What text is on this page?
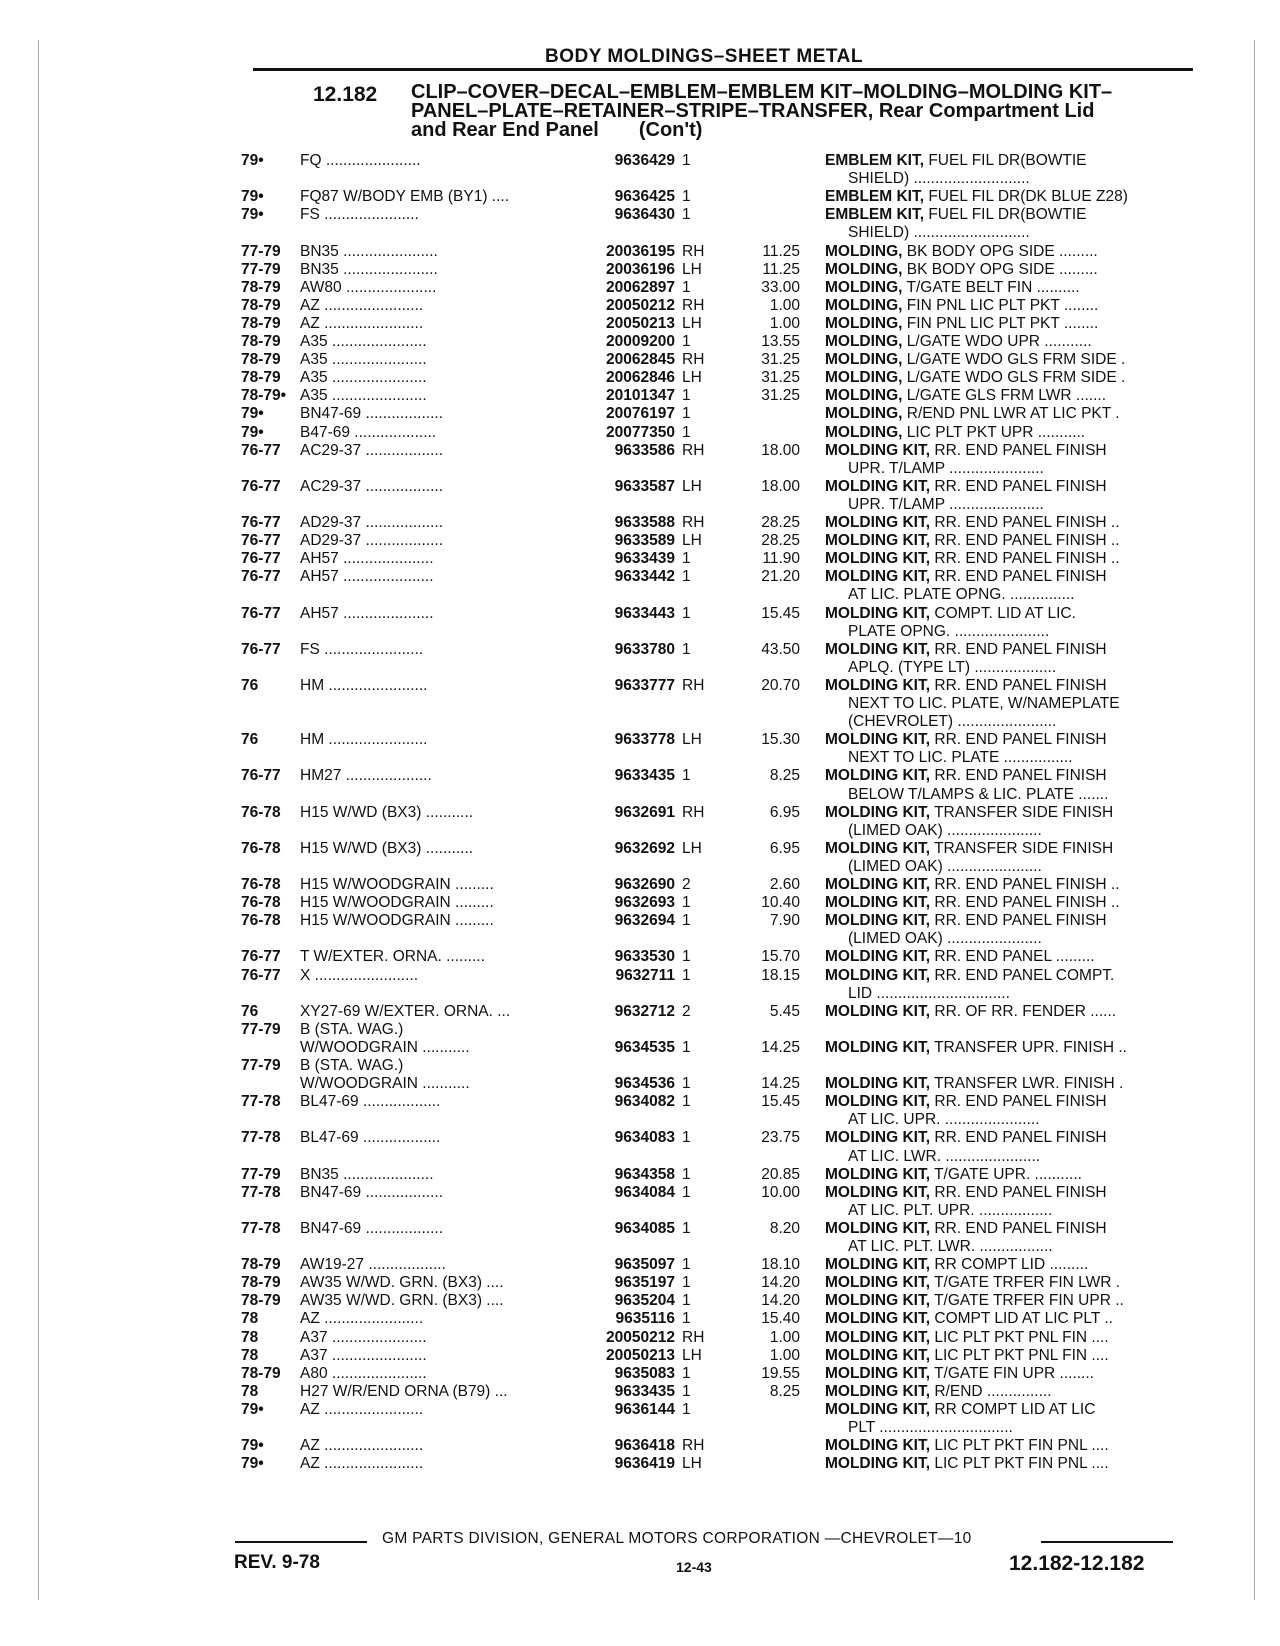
BODY MOLDINGS–SHEET METAL
12.182 CLIP–COVER–DECAL–EMBLEM–EMBLEM KIT–MOLDING–MOLDING KIT–
PANEL–PLATE–RETAINER–STRIPE–TRANSFER, Rear Compartment Lid
and Rear End Panel (Con't)
79•	FQ ......................	9636429 1	EMBLEM KIT, FUEL FIL DR(BOWTIE
SHIELD) ...........................
79•	FQ87 W/BODY EMB (BY1) ....	9636425 1	EMBLEM KIT, FUEL FIL DR(DK BLUE Z28)
79•	FS ......................	9636430 1	EMBLEM KIT, FUEL FIL DR(BOWTIE
SHIELD) ...........................
77-79	BN35 ......................	20036195 RH	11.25 MOLDING, BK BODY OPG SIDE .........
77-79	BN35 ......................	20036196 LH	11.25 MOLDING, BK BODY OPG SIDE .........
78-79	AW80 .....................	20062897 1	33.00 MOLDING, T/GATE BELT FIN ..........
78-79	AZ .......................	20050212 RH	1.00 MOLDING, FIN PNL LIC PLT PKT ........
78-79	AZ .......................	20050213 LH	1.00 MOLDING, FIN PNL LIC PLT PKT ........
78-79	A35 ......................	20009200 1	13.55 MOLDING, L/GATE WDO UPR ...........
78-79	A35 ......................	20062845 RH	31.25 MOLDING, L/GATE WDO GLS FRM SIDE .
78-79	A35 ......................	20062846 LH	31.25 MOLDING, L/GATE WDO GLS FRM SIDE .
78-79• A35 ......................	20101347 1	31.25 MOLDING, L/GATE GLS FRM LWR .......
79•	BN47-69 ..................	20076197 1	MOLDING, R/END PNL LWR AT LIC PKT .
79•	B47-69 ...................	20077350 1	MOLDING, LIC PLT PKT UPR ...........
76-77	AC29-37 ..................	9633586 RH	18.00 MOLDING KIT, RR. END PANEL FINISH
UPR. T/LAMP ......................
76-77	AC29-37 ..................	9633587 LH	18.00 MOLDING KIT, RR. END PANEL FINISH
UPR. T/LAMP ......................
76-77	AD29-37 ..................	9633588 RH	28.25 MOLDING KIT, RR. END PANEL FINISH ..
76-77	AD29-37 ..................	9633589 LH	28.25 MOLDING KIT, RR. END PANEL FINISH ..
76-77	AH57 .....................	9633439 1	11.90 MOLDING KIT, RR. END PANEL FINISH ..
76-77	AH57 .....................	9633442 1	21.20 MOLDING KIT, RR. END PANEL FINISH
AT LIC. PLATE OPNG. ...............
76-77	AH57 .....................	9633443 1	15.45 MOLDING KIT, COMPT. LID AT LIC.
PLATE OPNG. ......................
76-77	FS .......................	9633780 1	43.50 MOLDING KIT, RR. END PANEL FINISH
APLQ. (TYPE LT) ...................
76	HM .......................	9633777 RH	20.70 MOLDING KIT, RR. END PANEL FINISH
NEXT TO LIC. PLATE, W/NAMEPLATE
(CHEVROLET) .......................
76	HM .......................	9633778 LH	15.30 MOLDING KIT, RR. END PANEL FINISH
NEXT TO LIC. PLATE ................
76-77	HM27 ....................	9633435 1	8.25 MOLDING KIT, RR. END PANEL FINISH
BELOW T/LAMPS & LIC. PLATE .......
76-78	H15 W/WD (BX3) ...........	9632691 RH	6.95 MOLDING KIT, TRANSFER SIDE FINISH
(LIMED OAK) ......................
76-78	H15 W/WD (BX3) ...........	9632692 LH	6.95 MOLDING KIT, TRANSFER SIDE FINISH
(LIMED OAK) ......................
76-78	H15 W/WOODGRAIN .........	9632690 2	2.60 MOLDING KIT, RR. END PANEL FINISH ..
76-78	H15 W/WOODGRAIN .........	9632693 1	10.40 MOLDING KIT, RR. END PANEL FINISH ..
76-78	H15 W/WOODGRAIN .........	9632694 1	7.90 MOLDING KIT, RR. END PANEL FINISH
(LIMED OAK) ......................
76-77	T W/EXTER. ORNA. .........	9633530 1	15.70 MOLDING KIT, RR. END PANEL .........
76-77	X ........................	9632711 1	18.15 MOLDING KIT, RR. END PANEL COMPT.
LID ...............................
76	XY27-69 W/EXTER. ORNA. ...	9632712 2	5.45 MOLDING KIT, RR. OF RR. FENDER ......
77-79	B (STA. WAG.)
W/WOODGRAIN ...........	9634535 1	14.25 MOLDING KIT, TRANSFER UPR. FINISH ..
77-79	B (STA. WAG.)
W/WOODGRAIN ...........	9634536 1	14.25 MOLDING KIT, TRANSFER LWR. FINISH .
77-78	BL47-69 ..................	9634082 1	15.45 MOLDING KIT, RR. END PANEL FINISH
AT LIC. UPR. ......................
77-78	BL47-69 ..................	9634083 1	23.75 MOLDING KIT, RR. END PANEL FINISH
AT LIC. LWR. ......................
77-79	BN35 .....................	9634358 1	20.85 MOLDING KIT, T/GATE UPR. ...........
77-78	BN47-69 ..................	9634084 1	10.00 MOLDING KIT, RR. END PANEL FINISH
AT LIC. PLT. UPR. .................
77-78	BN47-69 ..................	9634085 1	8.20 MOLDING KIT, RR. END PANEL FINISH
AT LIC. PLT. LWR. .................
78-79	AW19-27 ..................	9635097 1	18.10 MOLDING KIT, RR COMPT LID .........
78-79	AW35 W/WD. GRN. (BX3) ....	9635197 1	14.20 MOLDING KIT, T/GATE TRFER FIN LWR .
78-79	AW35 W/WD. GRN. (BX3) ....	9635204 1	14.20 MOLDING KIT, T/GATE TRFER FIN UPR ..
78	AZ .......................	9635116 1	15.40 MOLDING KIT, COMPT LID AT LIC PLT ..
78	A37 ......................	20050212 RH	1.00 MOLDING KIT, LIC PLT PKT PNL FIN ....
78	A37 ......................	20050213 LH	1.00 MOLDING KIT, LIC PLT PKT PNL FIN ....
78-79	A80 ......................	9635083 1	19.55 MOLDING KIT, T/GATE FIN UPR ........
78	H27 W/R/END ORNA (B79) ...	9633435 1	8.25 MOLDING KIT, R/END ...............
79•	AZ .......................	9636144 1	MOLDING KIT, RR COMPT LID AT LIC
PLT ...............................
79•	AZ .......................	9636418 RH	MOLDING KIT, LIC PLT PKT FIN PNL ....
79•	AZ .......................	9636419 LH	MOLDING KIT, LIC PLT PKT FIN PNL ....
GM PARTS DIVISION, GENERAL MOTORS CORPORATION —CHEVROLET—10
REV. 9-78	12-43	12.182-12.182
